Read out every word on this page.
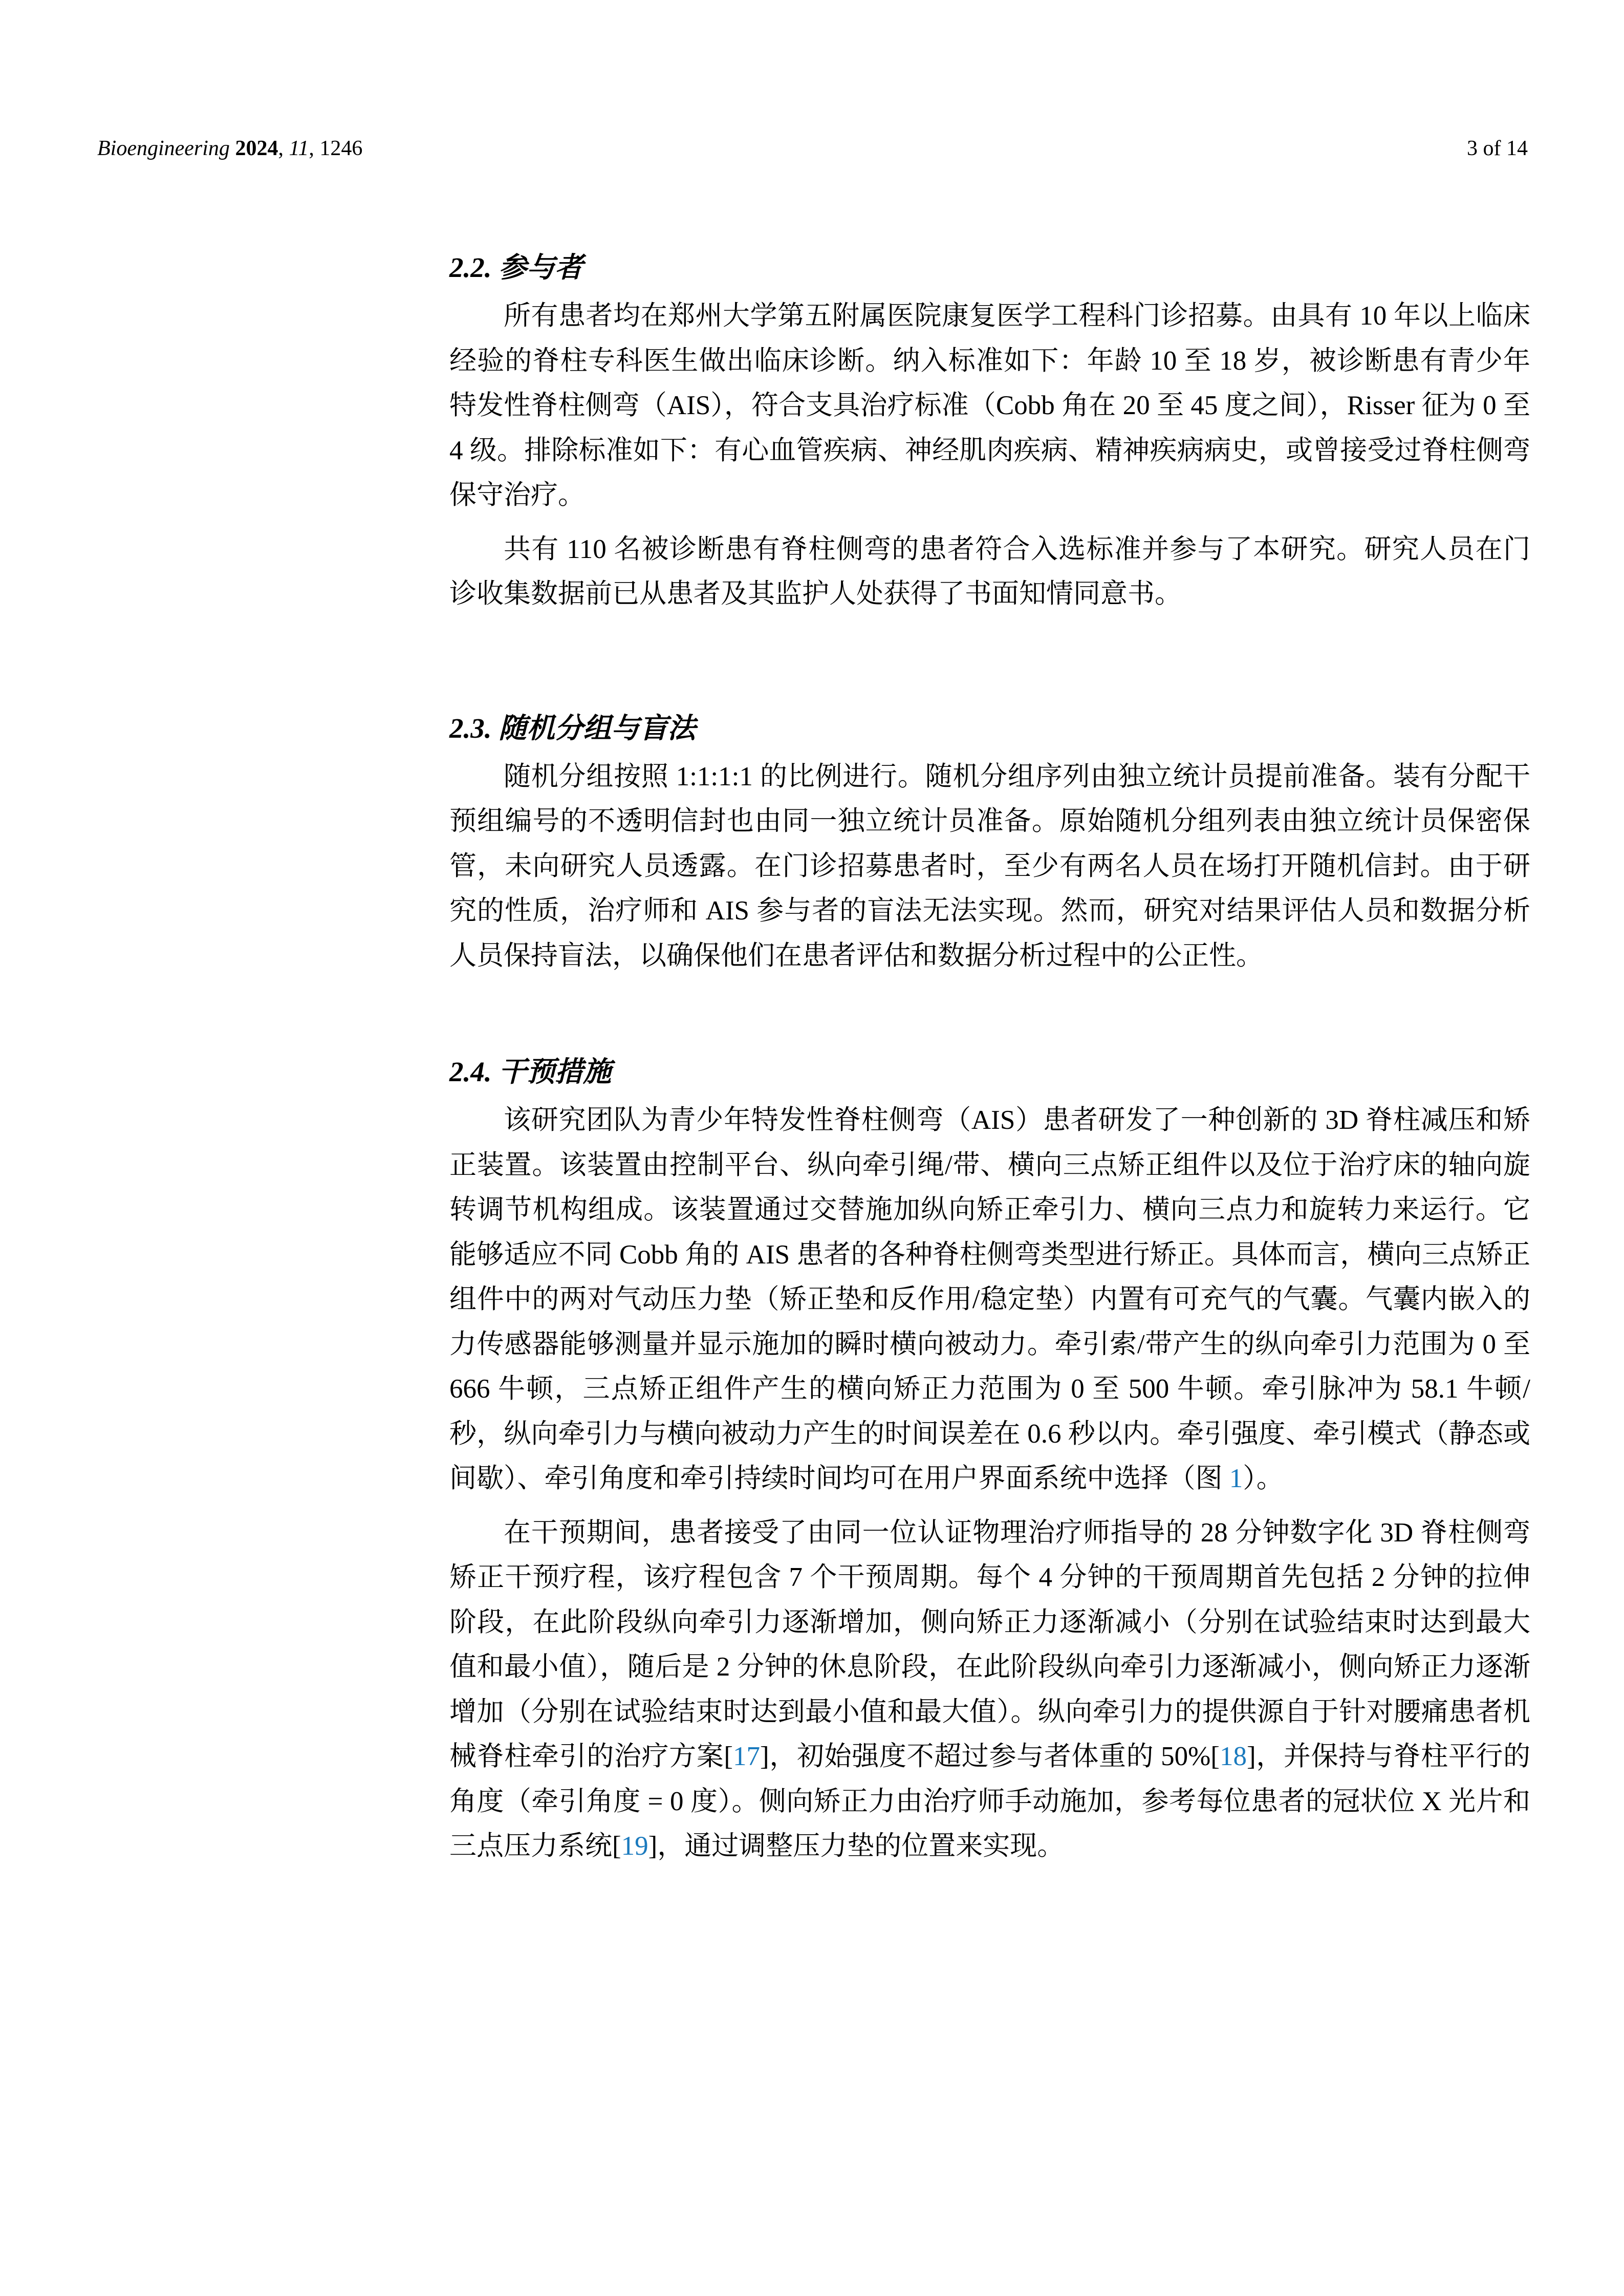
Bioengineering 2024, 11, 1246	3 of 14
2.2. 参与者

所有患者均在郑州大学第五附属医院康复医学工程科门诊招募。由具有 10 年以上临床经验的脊柱专科医生做出临床诊断。纳入标准如下：年龄 10 至 18 岁，被诊断患有青少年特发性脊柱侧弯（AIS），符合支具治疗标准（Cobb 角在 20 至 45 度之间），Risser 征为 0 至 4 级。排除标准如下：有心血管疾病、神经肌肉疾病、精神疾病病史，或曾接受过脊柱侧弯保守治疗。

共有 110 名被诊断患有脊柱侧弯的患者符合入选标准并参与了本研究。研究人员在门诊收集数据前已从患者及其监护人处获得了书面知情同意书。

2.3. 随机分组与盲法

随机分组按照 1:1:1:1 的比例进行。随机分组序列由独立统计员提前准备。装有分配干预组编号的不透明信封也由同一独立统计员准备。原始随机分组列表由独立统计员保密保管，未向研究人员透露。在门诊招募患者时，至少有两名人员在场打开随机信封。由于研究的性质，治疗师和 AIS 参与者的盲法无法实现。然而，研究对结果评估人员和数据分析人员保持盲法，以确保他们在患者评估和数据分析过程中的公正性。

2.4. 干预措施

该研究团队为青少年特发性脊柱侧弯（AIS）患者研发了一种创新的 3D 脊柱减压和矫正装置。该装置由控制平台、纵向牵引绳/带、横向三点矫正组件以及位于治疗床的轴向旋转调节机构组成。该装置通过交替施加纵向矫正牵引力、横向三点力和旋转力来运行。它能够适应不同 Cobb 角的 AIS 患者的各种脊柱侧弯类型进行矫正。具体而言，横向三点矫正组件中的两对气动压力垫（矫正垫和反作用/稳定垫）内置有可充气的气囊。气囊内嵌入的力传感器能够测量并显示施加的瞬时横向被动力。牵引索/带产生的纵向牵引力范围为 0 至 666 牛顿，三点矫正组件产生的横向矫正力范围为 0 至 500 牛顿。牵引脉冲为 58.1 牛顿/秒，纵向牵引力与横向被动力产生的时间误差在 0.6 秒以内。牵引强度、牵引模式（静态或间歇）、牵引角度和牵引持续时间均可在用户界面系统中选择（图 1）。

在干预期间，患者接受了由同一位认证物理治疗师指导的 28 分钟数字化 3D 脊柱侧弯矫正干预疗程，该疗程包含 7 个干预周期。每个 4 分钟的干预周期首先包括 2 分钟的拉伸阶段，在此阶段纵向牵引力逐渐增加，侧向矫正力逐渐减小（分别在试验结束时达到最大值和最小值），随后是 2 分钟的休息阶段，在此阶段纵向牵引力逐渐减小，侧向矫正力逐渐增加（分别在试验结束时达到最小值和最大值）。纵向牵引力的提供源自于针对腰痛患者机械脊柱牵引的治疗方案[17]，初始强度不超过参与者体重的 50%[18]，并保持与脊柱平行的角度（牵引角度 = 0 度）。侧向矫正力由治疗师手动施加，参考每位患者的冠状位 X 光片和三点压力系统[19]，通过调整压力垫的位置来实现。
